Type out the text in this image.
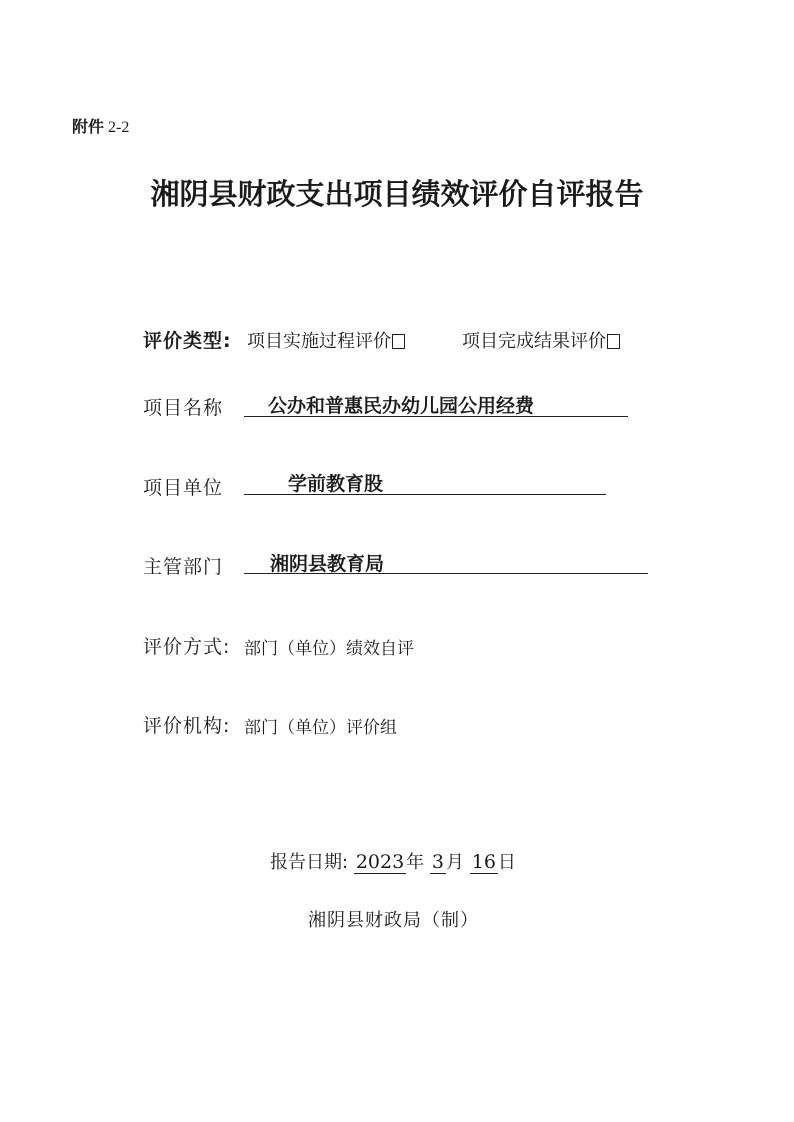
附件 2-2
湘阴县财政支出项目绩效评价自评报告
评价类型: 项目实施过程评价	项目完成结果评价
项目名称 公办和普惠民办幼儿园公用经费
项目单位	学前教育股
主管部门 湘阴县教育局
评价方式: 部门（单位）绩效自评
评价机构: 部门（单位）评价组
报告日期: 2023 年 3 月 16 日
湘阴县财政局（制）
